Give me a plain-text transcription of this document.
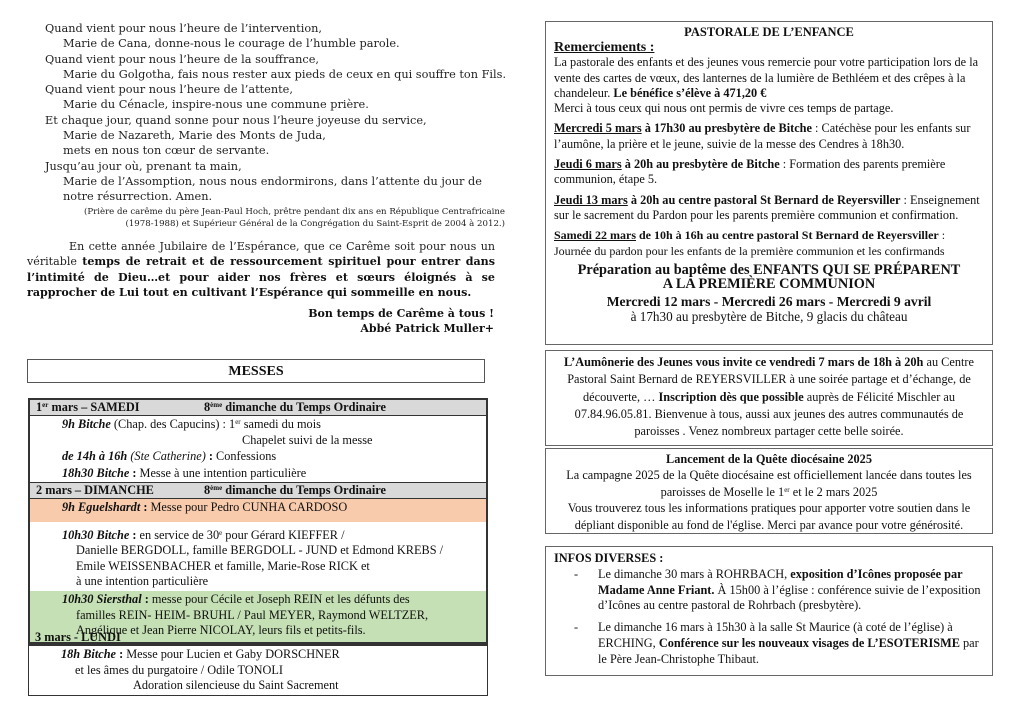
Quand vient pour nous l’heure de l’intervention,
Marie de Cana, donne-nous le courage de l’humble parole.
Quand vient pour nous l’heure de la souffrance,
Marie du Golgotha, fais nous rester aux pieds de ceux en qui souffre ton Fils.
Quand vient pour nous l’heure de l’attente,
Marie du Cénacle, inspire-nous une commune prière.
Et chaque jour, quand sonne pour nous l’heure joyeuse du service,
Marie de Nazareth, Marie des Monts de Juda,
mets en nous ton cœur de servante.
Jusqu’au jour où, prenant ta main,
Marie de l’Assomption, nous nous endormirons, dans l’attente du jour de notre résurrection. Amen.
(Prière de carême du père Jean-Paul Hoch, prêtre pendant dix ans en République Centrafricaine
(1978-1988) et Supérieur Général de la Congrégation du Saint-Esprit de 2004 à 2012.)
En cette année Jubilaire de l’Espérance, que ce Carême soit pour nous un véritable temps de retrait et de ressourcement spirituel pour entrer dans l’intimité de Dieu…et pour aider nos frères et sœurs éloignés à se rapprocher de Lui tout en cultivant l’Espérance qui sommeille en nous.
Bon temps de Carême à tous !
Abbé Patrick Muller+
MESSES
1er mars – SAMEDI	8ème dimanche du Temps Ordinaire
9h Bitche (Chap. des Capucins) : 1er samedi du mois
Chapelet suivi de la messe
de 14h à 16h (Ste Catherine) : Confessions
18h30 Bitche : Messe à une intention particulière
2 mars – DIMANCHE	8ème dimanche du Temps Ordinaire
9h Eguelshardt : Messe pour Pedro CUNHA CARDOSO
10h30 Bitche : en service de 30e pour Gérard KIEFFER /
Danielle BERGDOLL, famille BERGDOLL - JUND et Edmond KREBS /
Emile WEISSENBACHER et famille, Marie-Rose RICK et
à une intention particulière
10h30 Siersthal : messe pour Cécile et Joseph REIN et les défunts des
familles REIN- HEIM- BRUHL / Paul MEYER, Raymond WELTZER,
Angélique et Jean Pierre NICOLAY, leurs fils et petits-fils.
3 mars - LUNDI
18h Bitche : Messe pour Lucien et Gaby DORSCHNER
et les âmes du purgatoire / Odile TONOLI
Adoration silencieuse du Saint Sacrement
PASTORALE DE L’ENFANCE
Remerciements :

La pastorale des enfants et des jeunes vous remercie pour votre participation lors de la vente des cartes de vœux, des lanternes de la lumière de Bethléem et des crêpes à la chandeleur. Le bénéfice s’élève à 471,20 €
Merci à tous ceux qui nous ont permis de vivre ces temps de partage.

Mercredi 5 mars à 17h30 au presbytère de Bitche : Catéchèse pour les enfants sur l’aumône, la prière et le jeune, suivie de la messe des Cendres à 18h30.

Jeudi 6 mars à 20h au presbytère de Bitche : Formation des parents première communion, étape 5.

Jeudi 13 mars à 20h au centre pastoral St Bernard de Reyersviller : Enseignement sur le sacrement du Pardon pour les parents première communion et confirmation.

Samedi 22 mars de 10h à 16h au centre pastoral St Bernard de Reyersviller : Journée du pardon pour les enfants de la première communion et les confirmands

Préparation au baptême des ENFANTS QUI SE PRÉPARENT
A LA PREMIÈRE COMMUNION
Mercredi 12 mars - Mercredi 26 mars - Mercredi 9 avril
à 17h30 au presbytère de Bitche, 9 glacis du château
L’Aumônerie des Jeunes vous invite ce vendredi 7 mars de 18h à 20h au Centre Pastoral Saint Bernard de REYERSVILLER à une soirée partage et d’échange, de découverte, … Inscription dès que possible auprès de Félicité Mischler au 07.84.96.05.81. Bienvenue à tous, aussi aux jeunes des autres communautés de paroisses . Venez nombreux partager cette belle soirée.
Lancement de la Quête diocésaine 2025
La campagne 2025 de la Quête diocésaine est officiellement lancée dans toutes les paroisses de Moselle le 1er et le 2 mars 2025
Vous trouverez tous les informations pratiques pour apporter votre soutien dans le dépliant disponible au fond de l'église. Merci par avance pour votre générosité.
INFOS DIVERSES :
- Le dimanche 30 mars à ROHRBACH, exposition d’Icônes proposée par Madame Anne Friant. À 15h00 à l’église : conférence suivie de l’exposition d’Icônes au centre pastoral de Rohrbach (presbytère).
- Le dimanche 16 mars à 15h30 à la salle St Maurice (à coté de l’église) à ERCHING, Conférence sur les nouveaux visages de L’ESOTERISME par le Père Jean-Christophe Thibaut.
